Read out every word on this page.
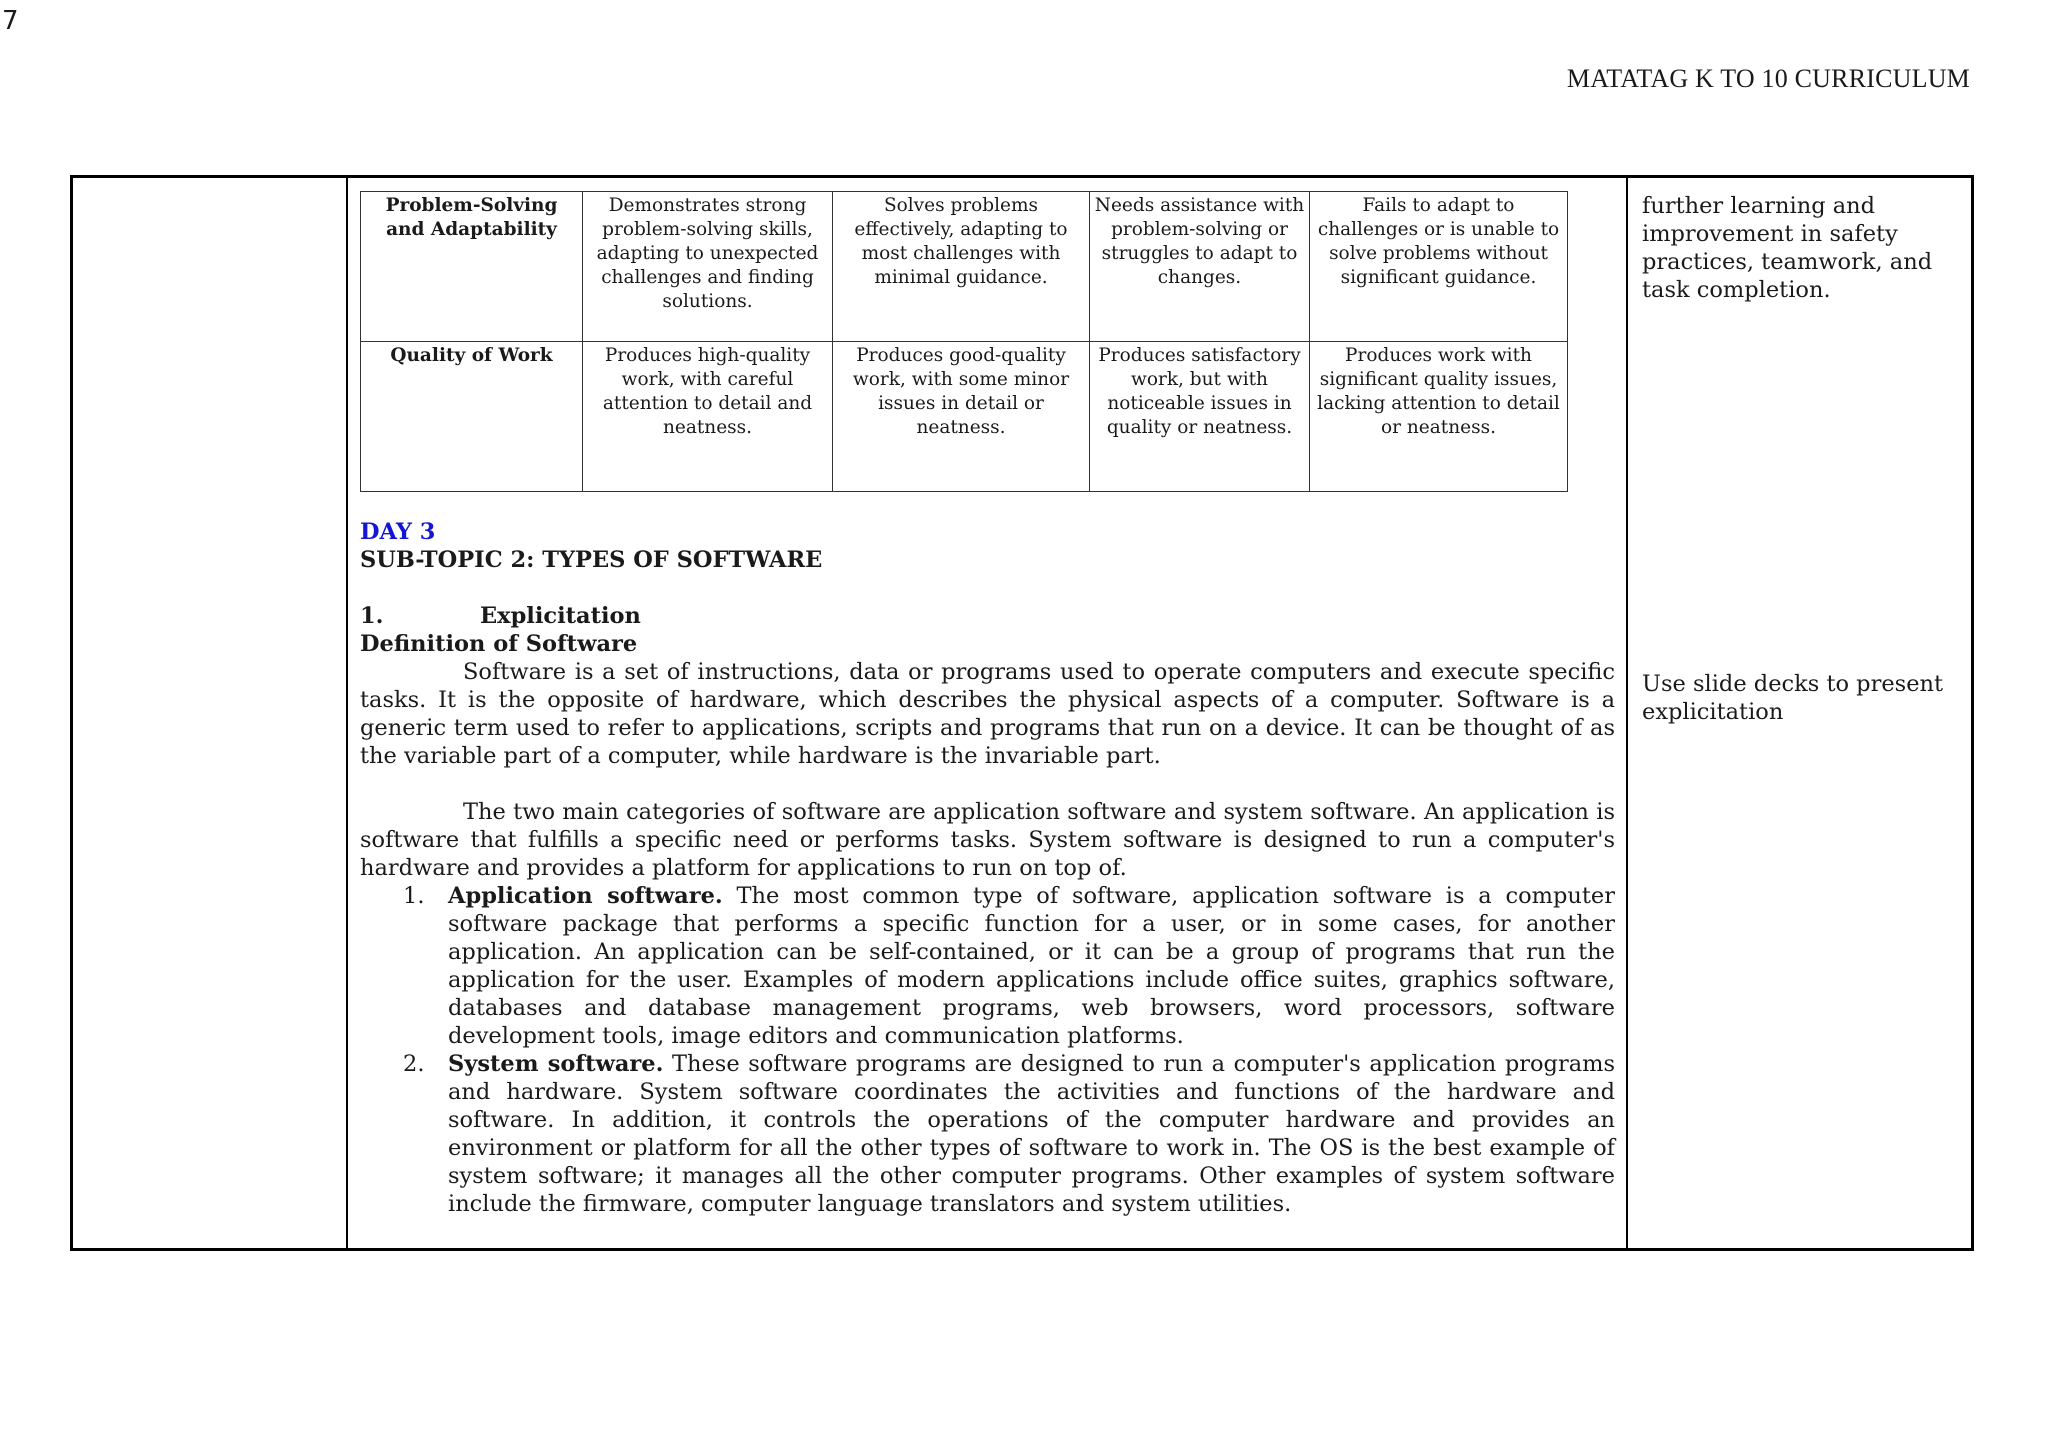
7
MATATAG K TO 10 CURRICULUM
Problem-Solving and Adaptability	Demonstrates strong problem-solving skills, adapting to unexpected challenges and finding solutions.	Solves problems effectively, adapting to most challenges with minimal guidance.	Needs assistance with problem-solving or struggles to adapt to changes.	Fails to adapt to challenges or is unable to solve problems without significant guidance.
Quality of Work	Produces high-quality work, with careful attention to detail and neatness.	Produces good-quality work, with some minor issues in detail or neatness.	Produces satisfactory work, but with noticeable issues in quality or neatness.	Produces work with significant quality issues, lacking attention to detail or neatness.
DAY 3
SUB-TOPIC 2: TYPES OF SOFTWARE
1.	Explicitation
Definition of Software
Software is a set of instructions, data or programs used to operate computers and execute specific tasks. It is the opposite of hardware, which describes the physical aspects of a computer. Software is a generic term used to refer to applications, scripts and programs that run on a device. It can be thought of as the variable part of a computer, while hardware is the invariable part.
The two main categories of software are application software and system software. An application is software that fulfills a specific need or performs tasks. System software is designed to run a computer's hardware and provides a platform for applications to run on top of.
1. Application software. The most common type of software, application software is a computer software package that performs a specific function for a user, or in some cases, for another application. An application can be self-contained, or it can be a group of programs that run the application for the user. Examples of modern applications include office suites, graphics software, databases and database management programs, web browsers, word processors, software development tools, image editors and communication platforms.
2. System software. These software programs are designed to run a computer's application programs and hardware. System software coordinates the activities and functions of the hardware and software. In addition, it controls the operations of the computer hardware and provides an environment or platform for all the other types of software to work in. The OS is the best example of system software; it manages all the other computer programs. Other examples of system software include the firmware, computer language translators and system utilities.
further learning and improvement in safety practices, teamwork, and task completion.
Use slide decks to present explicitation
